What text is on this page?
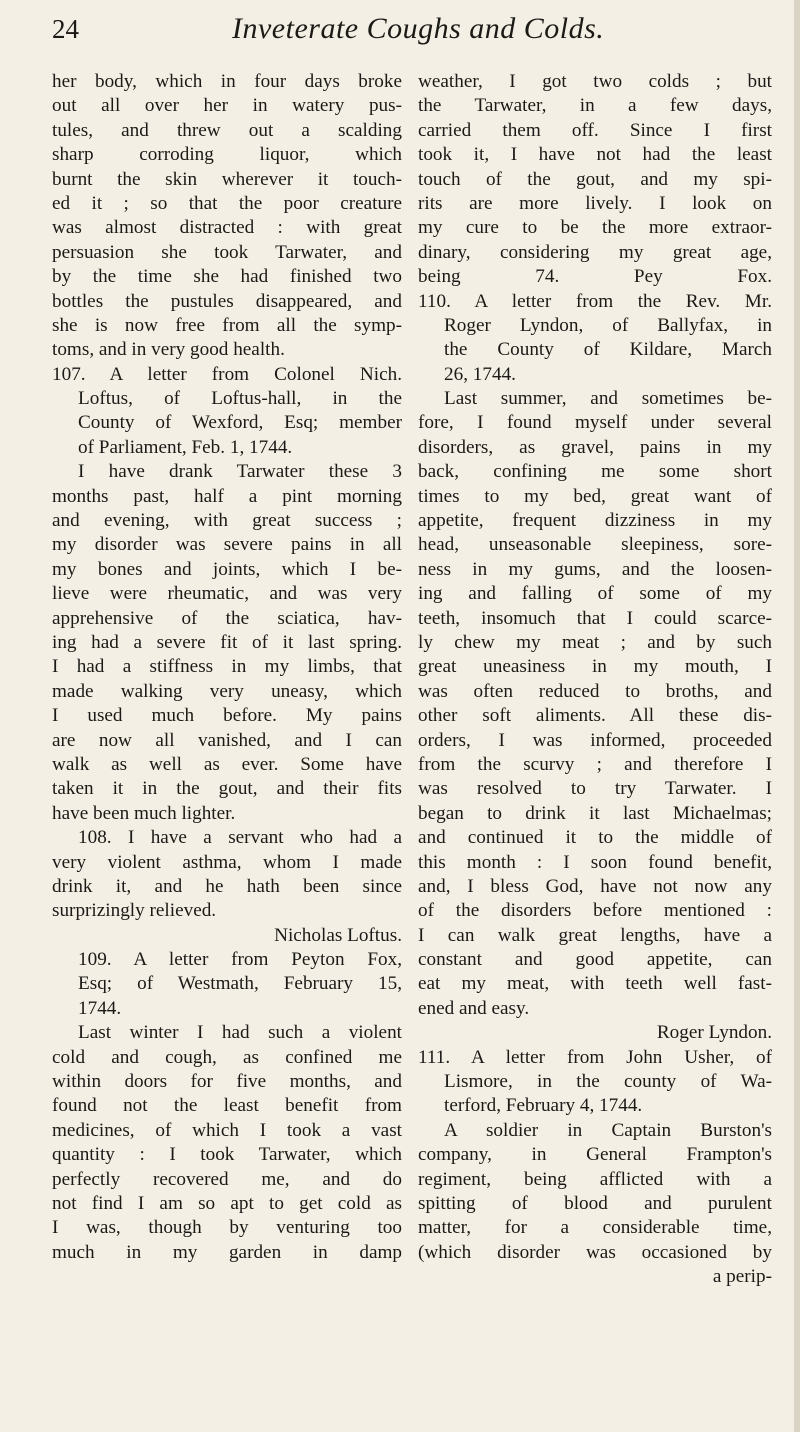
24	Inveterate Coughs and Colds.
her body, which in four days broke
out all over her in watery pus-
tules, and threw out a scalding
sharp corroding liquor, which
burnt the skin wherever it touch-
ed it ; so that the poor creature
was almost distracted : with great
persuasion she took Tarwater, and
by the time she had finished two
bottles the pustules disappeared, and
she is now free from all the symp-
toms, and in very good health.
107. A letter from Colonel Nich.
Loftus, of Loftus-hall, in the
County of Wexford, Esq; member
of Parliament, Feb. 1, 1744.
I have drank Tarwater these 3
months past, half a pint morning
and evening, with great success ;
my disorder was severe pains in all
my bones and joints, which I be-
lieve were rheumatic, and was very
apprehensive of the sciatica, hav-
ing had a severe fit of it last spring.
I had a stiffness in my limbs, that
made walking very uneasy, which
I used much before. My pains
are now all vanished, and I can
walk as well as ever. Some have
taken it in the gout, and their fits
have been much lighter.
108. I have a servant who had a
very violent asthma, whom I made
drink it, and he hath been since
surprizingly relieved.
Nicholas Loftus.
109. A letter from Peyton Fox,
Esq; of Westmath, February 15,
1744.
Last winter I had such a violent
cold and cough, as confined me
within doors for five months, and
found not the least benefit from
medicines, of which I took a vast
quantity : I took Tarwater, which
perfectly recovered me, and do
not find I am so apt to get cold as
I was, though by venturing too
much in my garden in damp
weather, I got two colds ; but
the Tarwater, in a few days,
carried them off. Since I first
took it, I have not had the least
touch of the gout, and my spi-
rits are more lively. I look on
my cure to be the more extraor-
dinary, considering my great age,
being 74. Pey Fox.
110. A letter from the Rev. Mr.
Roger Lyndon, of Ballyfax, in
the County of Kildare, March
26, 1744.
Last summer, and sometimes be-
fore, I found myself under several
disorders, as gravel, pains in my
back, confining me some short
times to my bed, great want of
appetite, frequent dizziness in my
head, unseasonable sleepiness, sore-
ness in my gums, and the loosen-
ing and falling of some of my
teeth, insomuch that I could scarce-
ly chew my meat ; and by such
great uneasiness in my mouth, I
was often reduced to broths, and
other soft aliments. All these dis-
orders, I was informed, proceeded
from the scurvy ; and therefore I
was resolved to try Tarwater. I
began to drink it last Michaelmas;
and continued it to the middle of
this month : I soon found benefit,
and, I bless God, have not now any
of the disorders before mentioned :
I can walk great lengths, have a
constant and good appetite, can
eat my meat, with teeth well fast-
ened and easy.
Roger Lyndon.
111. A letter from John Usher, of
Lismore, in the county of Wa-
terford, February 4, 1744.
A soldier in Captain Burston's
company, in General Frampton's
regiment, being afflicted with a
spitting of blood and purulent
matter, for a considerable time,
(which disorder was occasioned by
a perip-
